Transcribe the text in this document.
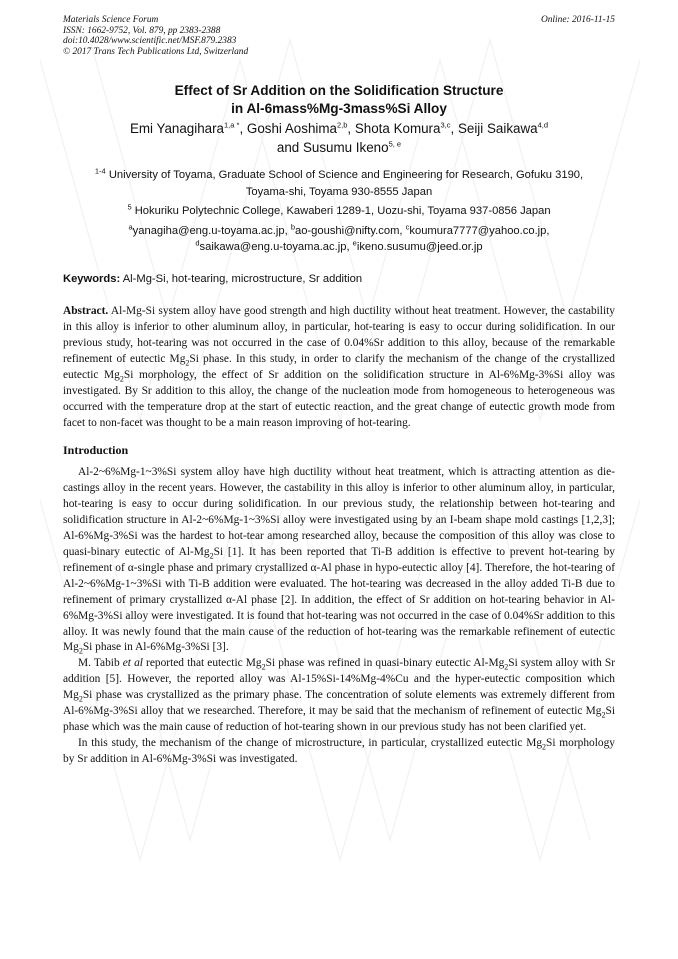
Materials Science Forum
ISSN: 1662-9752, Vol. 879, pp 2383-2388
doi:10.4028/www.scientific.net/MSF.879.2383
© 2017 Trans Tech Publications Ltd, Switzerland
Online: 2016-11-15
Effect of Sr Addition on the Solidification Structure
in Al-6mass%Mg-3mass%Si Alloy
Emi Yanagihara$^{1,a *}$, Goshi Aoshima$^{2,b}$, Shota Komura$^{3,c}$, Seiji Saikawa$^{4,d}$
and Susumu Ikeno$^{5, e}$
$^{1-4}$ University of Toyama, Graduate School of Science and Engineering for Research, Gofuku 3190,
Toyama-shi, Toyama 930-8555 Japan
$^5$ Hokuriku Polytechnic College, Kawaberi 1289-1, Uozu-shi, Toyama 937-0856 Japan
$^a$yanagiha@eng.u-toyama.ac.jp, $^b$ao-goushi@nifty.com, $^c$koumura7777@yahoo.co.jp,
$^d$saikawa@eng.u-toyama.ac.jp, $^e$ikeno.susumu@jeed.or.jp
Keywords: Al-Mg-Si, hot-tearing, microstructure, Sr addition
Abstract. Al-Mg-Si system alloy have good strength and high ductility without heat treatment. However, the castability in this alloy is inferior to other aluminum alloy, in particular, hot-tearing is easy to occur during solidification. In our previous study, hot-tearing was not occurred in the case of 0.04%Sr addition to this alloy, because of the remarkable refinement of eutectic $Mg_2Si$ phase. In this study, in order to clarify the mechanism of the change of the crystallized eutectic $Mg_2Si$ morphology, the effect of Sr addition on the solidification structure in Al-6%Mg-3%Si alloy was investigated. By Sr addition to this alloy, the change of the nucleation mode from homogeneous to heterogeneous was occurred with the temperature drop at the start of eutectic reaction, and the great change of eutectic growth mode from facet to non-facet was thought to be a main reason improving of hot-tearing.
Introduction
Al-2~6%Mg-1~3%Si system alloy have high ductility without heat treatment, which is attracting attention as die-castings alloy in the recent years. However, the castability in this alloy is inferior to other aluminum alloy, in particular, hot-tearing is easy to occur during solidification. In our previous study, the relationship between hot-tearing and solidification structure in Al-2~6%Mg-1~3%Si alloy were investigated using by an I-beam shape mold castings [1,2,3]; Al-6%Mg-3%Si was the hardest to hot-tear among researched alloy, because the composition of this alloy was close to quasi-binary eutectic of $Al-Mg_2Si$ [1]. It has been reported that Ti-B addition is effective to prevent hot-tearing by refinement of α-single phase and primary crystallized α-Al phase in hypo-eutectic alloy [4]. Therefore, the hot-tearing of Al-2~6%Mg-1~3%Si with Ti-B addition were evaluated. The hot-tearing was decreased in the alloy added Ti-B due to refinement of primary crystallized α-Al phase [2]. In addition, the effect of Sr addition on hot-tearing behavior in Al-6%Mg-3%Si alloy were investigated. It is found that hot-tearing was not occurred in the case of 0.04%Sr addition to this alloy. It was newly found that the main cause of the reduction of hot-tearing was the remarkable refinement of eutectic $Mg_2Si$ phase in Al-6%Mg-3%Si [3].
M. Tabib et al reported that eutectic $Mg_2Si$ phase was refined in quasi-binary eutectic $Al-Mg_2Si$ system alloy with Sr addition [5]. However, the reported alloy was Al-15%Si-14%Mg-4%Cu and the hyper-eutectic composition which $Mg_2Si$ phase was crystallized as the primary phase. The concentration of solute elements was extremely different from Al-6%Mg-3%Si alloy that we researched. Therefore, it may be said that the mechanism of refinement of eutectic $Mg_2Si$ phase which was the main cause of reduction of hot-tearing shown in our previous study has not been clarified yet.
In this study, the mechanism of the change of microstructure, in particular, crystallized eutectic $Mg_2Si$ morphology by Sr addition in Al-6%Mg-3%Si was investigated.
